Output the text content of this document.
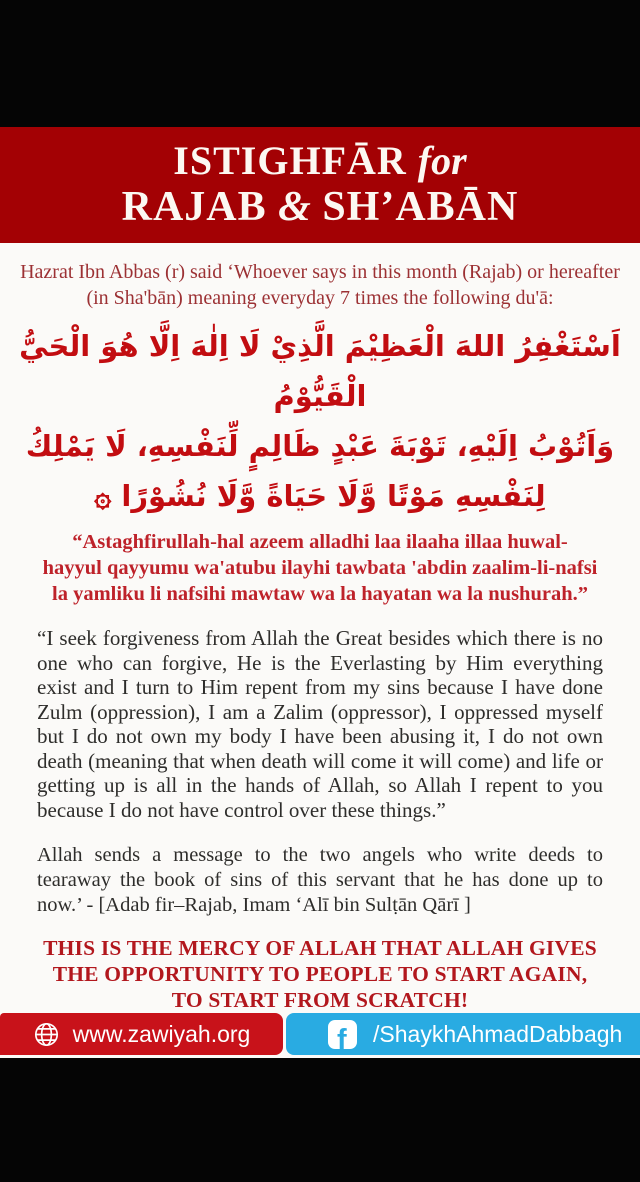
ISTIGHFĀR for
RAJAB & SH’ABĀN

Hazrat Ibn Abbas (r) said ‘Whoever says in this month (Rajab) or hereafter (in Sha'bān) meaning everyday 7 times the following du'ā:

اَسْتَغْفِرُ اللهَ الْعَظِيْمَ الَّذِيْ لَا اِلٰهَ اِلَّا هُوَ الْحَيُّ الْقَيُّوْمُ
وَاَتُوْبُ اِلَيْهِ، تَوْبَةَ عَبْدٍ ظَالِمٍ لِّنَفْسِهِ، لَا يَمْلِكُ
لِنَفْسِهِ مَوْتًا وَّلَا حَيَاةً وَّلَا نُشُوْرًا ۞
“Astaghfirullah-hal azeem alladhi laa ilaaha illaa huwal-
hayyul qayyumu wa'atubu ilayhi tawbata 'abdin zaalim-li-nafsi
la yamliku li nafsihi mawtaw wa la hayatan wa la nushurah.”

“I seek forgiveness from Allah the Great besides which there is no one who can forgive, He is the Everlasting by Him everything exist and I turn to Him repent from my sins because I have done Zulm (oppression), I am a Zalim (oppressor), I oppressed myself but I do not own my body I have been abusing it, I do not own death (meaning that when death will come it will come) and life or getting up is all in the hands of Allah, so Allah I repent to you because I do not have control over these things.”

Allah sends a message to the two angels who write deeds to tearaway the book of sins of this servant that he has done up to now.’ - [Adab fir–Rajab, Imam ‘Alī bin Sulṭān Qārī ]

THIS IS THE MERCY OF ALLAH THAT ALLAH GIVES
THE OPPORTUNITY TO PEOPLE TO START AGAIN,
TO START FROM SCRATCH!
www.zawiyah.org	f /ShaykhAhmadDabbagh
